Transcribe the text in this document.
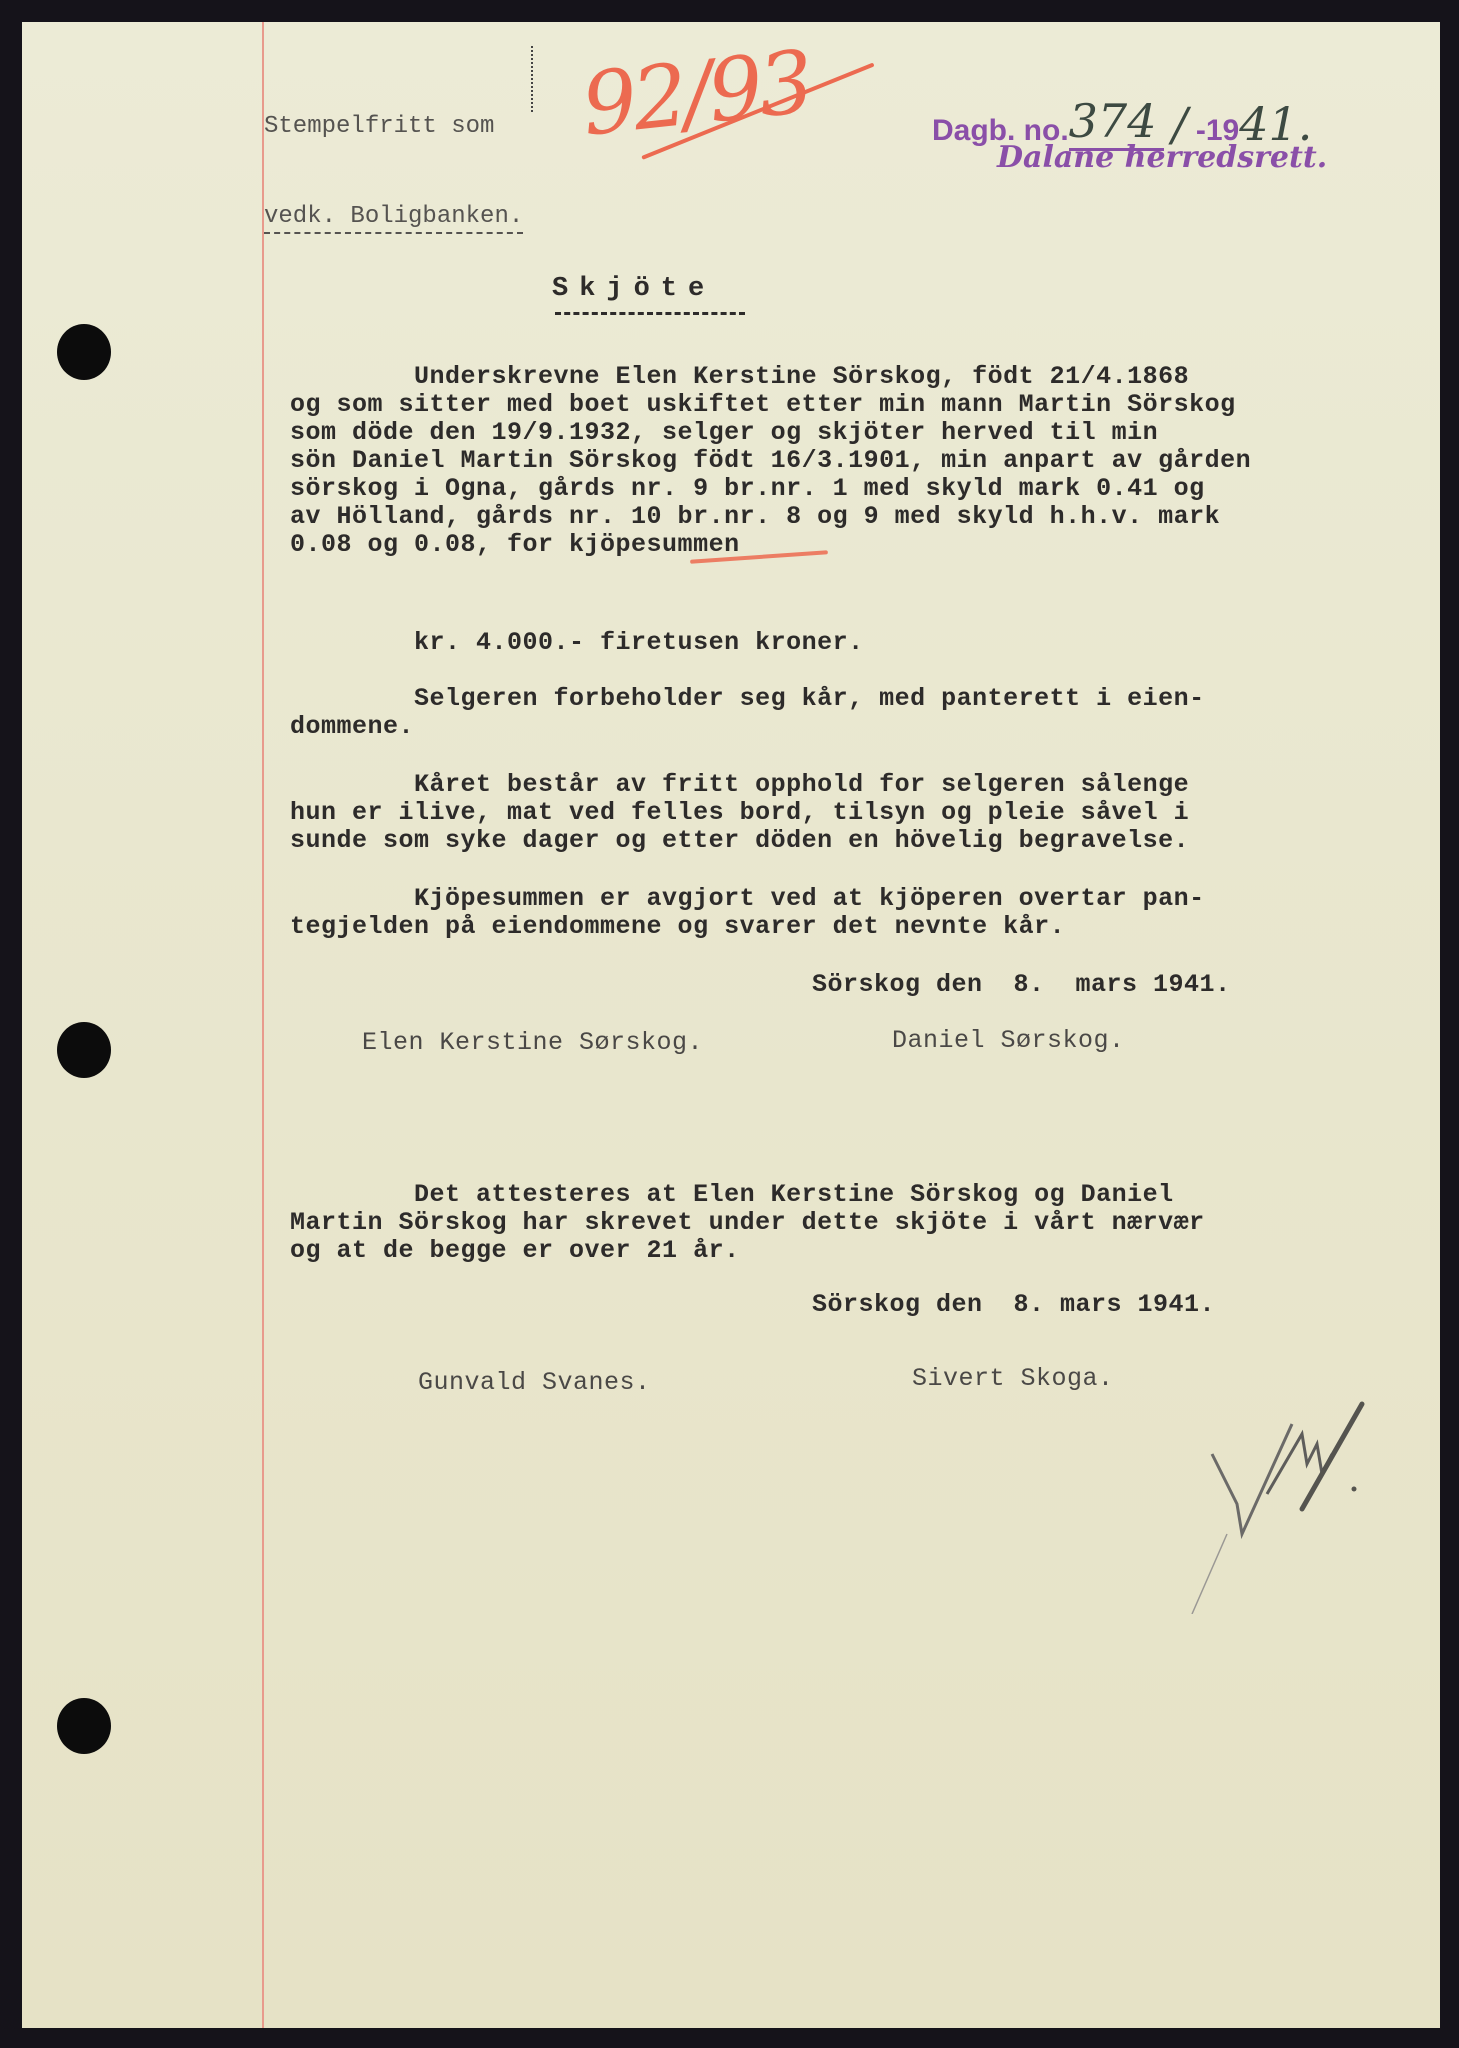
Stempelfritt som

vedk. Boligbanken.

92/93	Dagb. no.374 / -1941.
Dalane herredsrett.
Skjöte
Underskrevne Elen Kerstine Sörskog, födt 21/4.1868
og som sitter med boet uskiftet etter min mann Martin Sörskog
som döde den 19/9.1932, selger og skjöter herved til min
sön Daniel Martin Sörskog födt 16/3.1901, min anpart av gården
sörskog i Ogna, gårds nr. 9 br.nr. 1 med skyld mark 0.41 og
av Hölland, gårds nr. 10 br.nr. 8 og 9 med skyld h.h.v. mark
0.08 og 0.08, for kjöpesummen
kr. 4.000.- firetusen kroner.
Selgeren forbeholder seg kår, med panterett i eien-
dommene.
Kåret består av fritt opphold for selgeren sålenge
hun er ilive, mat ved felles bord, tilsyn og pleie såvel i
sunde som syke dager og etter döden en hövelig begravelse.
Kjöpesummen er avgjort ved at kjöperen overtar pan-
tegjelden på eiendommene og svarer det nevnte kår.
Sörskog den  8.  mars 1941.
Elen Kerstine Sørskog.	Daniel Sørskog.
Det attesteres at Elen Kerstine Sörskog og Daniel
Martin Sörskog har skrevet under dette skjöte i vårt nærvær
og at de begge er over 21 år.
Sörskog den  8. mars 1941.
Gunvald Svanes.	Sivert Skoga.
